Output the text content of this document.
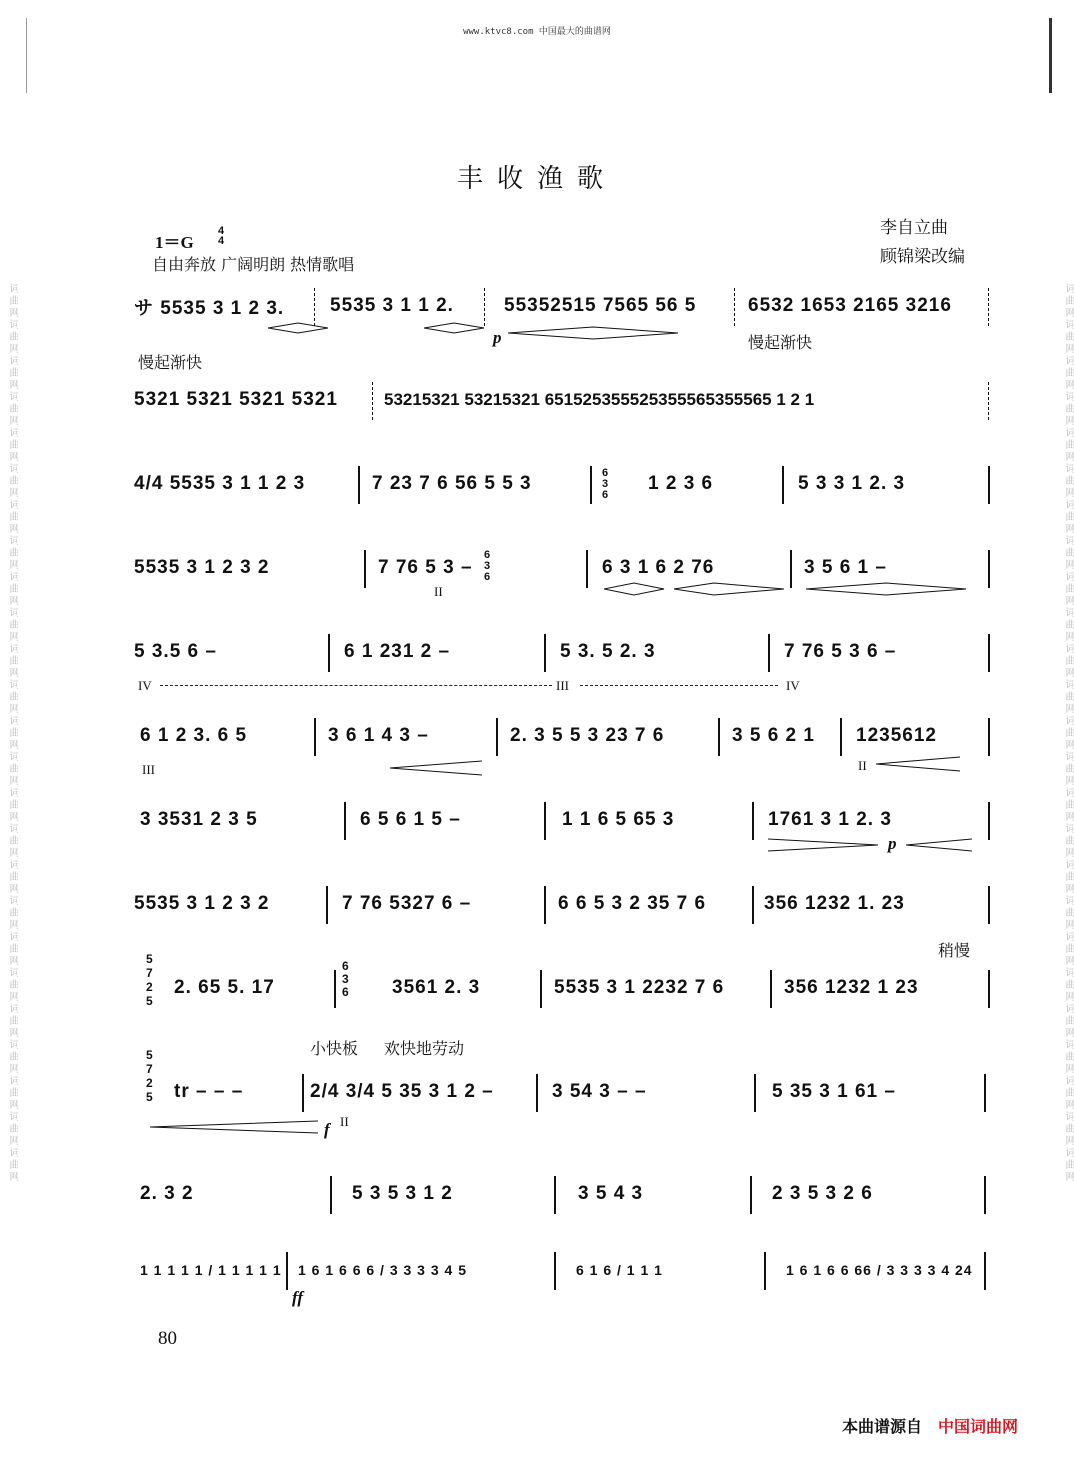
词曲网词曲网词曲网词曲网词曲网词曲网词曲网词曲网词曲网词曲网词曲网词曲网词曲网词曲网词曲网词曲网词曲网词曲网词曲网词曲网词曲网词曲网词曲网词曲网词曲网	词曲网词曲网词曲网词曲网词曲网词曲网词曲网词曲网词曲网词曲网词曲网词曲网词曲网词曲网词曲网词曲网词曲网词曲网词曲网词曲网词曲网词曲网词曲网词曲网词曲网
www.ktvc8.com 中国最大的曲谱网
丰收渔歌
李自立曲
顾锦梁改编
1＝G
4
4
自由奔放 广阔明朗 热情歌唱
サ 5535 3 1 2 3. 5535 3 1 1 2.	55352515 7565 56 5	6532 1653 2165 3216
p	慢起渐快
慢起渐快
5321 5321 5321 5321	53215321 53215321 651525355525355565355565 1 2 1
4/4 5535 3 1 1 2 3	7 23 7 6 56 5 5 3	6
3
6
1 2 3 6	5 3 3 1 2. 3
5535 3 1 2 3 2	7 76 5 3 –
6
3
6	6 3 1 6 2 76	3 5 6 1 –
II
5 3.5 6 –	6 1 231 2 –	5 3. 5 2. 3	7 76 5 3 6 –
IV	III	IV
6 1 2 3. 6 5	3 6 1 4 3 –	2. 3 5 5 3 23 7 6	3 5 6 2 1 1235612
III	II
3 3531 2 3 5	6 5 6 1 5 –	1 1 6 5 65 3	1761 3 1 2. 3
p
5535 3 1 2 3 2	7 76 5327 6 –	6 6 5 3 2 35 7 6	356 1232 1. 23
稍慢
5
7
2
5
2. 65 5. 17
6
3
6 3561 2. 3	5535 3 1 2232 7 6	356 1232 1 23
小快板 欢快地劳动
5
7
2
5 tr – – –	2/4 3/4 5 35 3 1 2 –	3 54 3 – –	5 35 3 1 61 –
f II
2. 3 2	5 3 5 3 1 2	3 5 4 3	2 3 5 3 2 6
1 1 1 1 1 / 1 1 1 1 1 1 6 1 6 6 6 / 3 3 3 3 4 5	6 1 6 / 1 1 1	1 6 1 6 6 66 / 3 3 3 3 4 24
ff
80
本曲谱源自 中国词曲网
